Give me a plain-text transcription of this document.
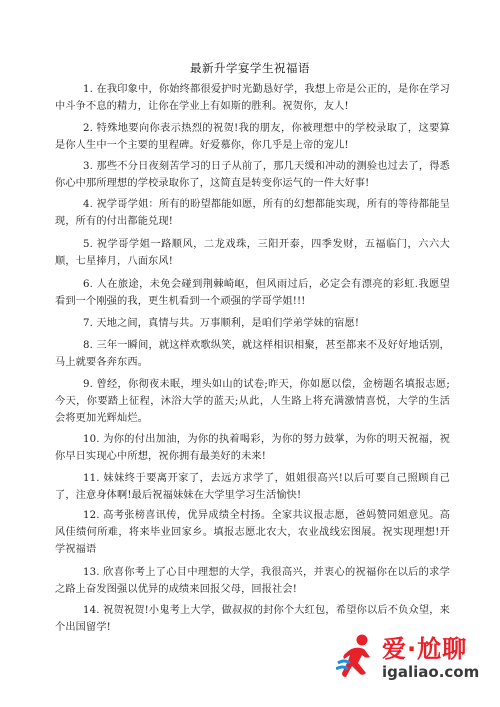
最新升学宴学生祝福语
1. 在我印象中，你始终都很爱护时光勤恳好学，我想上帝是公正的，是你在学习中斗争不息的精力，让你在学业上有如斯的胜利。祝贺你，友人!
2. 特殊地要向你表示热烈的祝贺!我的朋友，你被理想中的学校录取了，这要算是你人生中一个主要的里程碑。好爱慕你，你几乎是上帝的宠儿!
3. 那些不分日夜刻苦学习的日子从前了，那几天缓和冲动的测验也过去了，得悉你心中那所理想的学校录取你了，这简直是转变你运气的一件大好事!
4. 祝学哥学姐：所有的盼望都能如愿，所有的幻想都能实现，所有的等待都能呈现，所有的付出都能兑现!
5. 祝学哥学姐一路顺风，二龙戏珠，三阳开泰，四季发财，五福临门，六六大顺，七星捧月，八面东风!
6. 人在旅途，未免会碰到荆棘崎岖，但风雨过后，必定会有漂亮的彩虹.我愿望看到一个刚强的我，更生机看到一个顽强的学哥学姐!!!
7. 天地之间，真情与共。万事顺利，是咱们学弟学妹的宿愿!
8. 三年一瞬间，就这样欢歌纵笑，就这样相识相聚，甚至都来不及好好地话别，马上就要各奔东西。
9. 曾经，你彻夜未眠，埋头如山的试卷;昨天，你如愿以偿，金榜题名填报志愿;今天，你要踏上征程，沐浴大学的蓝天;从此，人生路上将充满激情喜悦，大学的生活会将更加光辉灿烂。
10. 为你的付出加油，为你的执着喝彩，为你的努力鼓掌，为你的明天祝福，祝你早日实现心中所想，祝你拥有最美好的未来!
11. 妹妹终于要离开家了，去远方求学了，姐姐很高兴!以后可要自己照顾自己了，注意身体啊!最后祝福妹妹在大学里学习生活愉快!
12. 高考张榜喜讯传，优异成绩全村扬。全家共议报志愿，爸妈赞同姐意见。高风佳绩何所难，将来毕业回家乡。填报志愿北农大，农业战线宏图展。祝实现理想!开学祝福语
13. 欣喜你考上了心目中理想的大学，我很高兴，并衷心的祝福你在以后的求学之路上奋发图强以优异的成绩来回报父母，回报社会!
14. 祝贺祝贺!小鬼考上大学，做叔叔的封你个大红包，希望你以后不负众望，来个出国留学!
爱·尬聊
igaliao.com
